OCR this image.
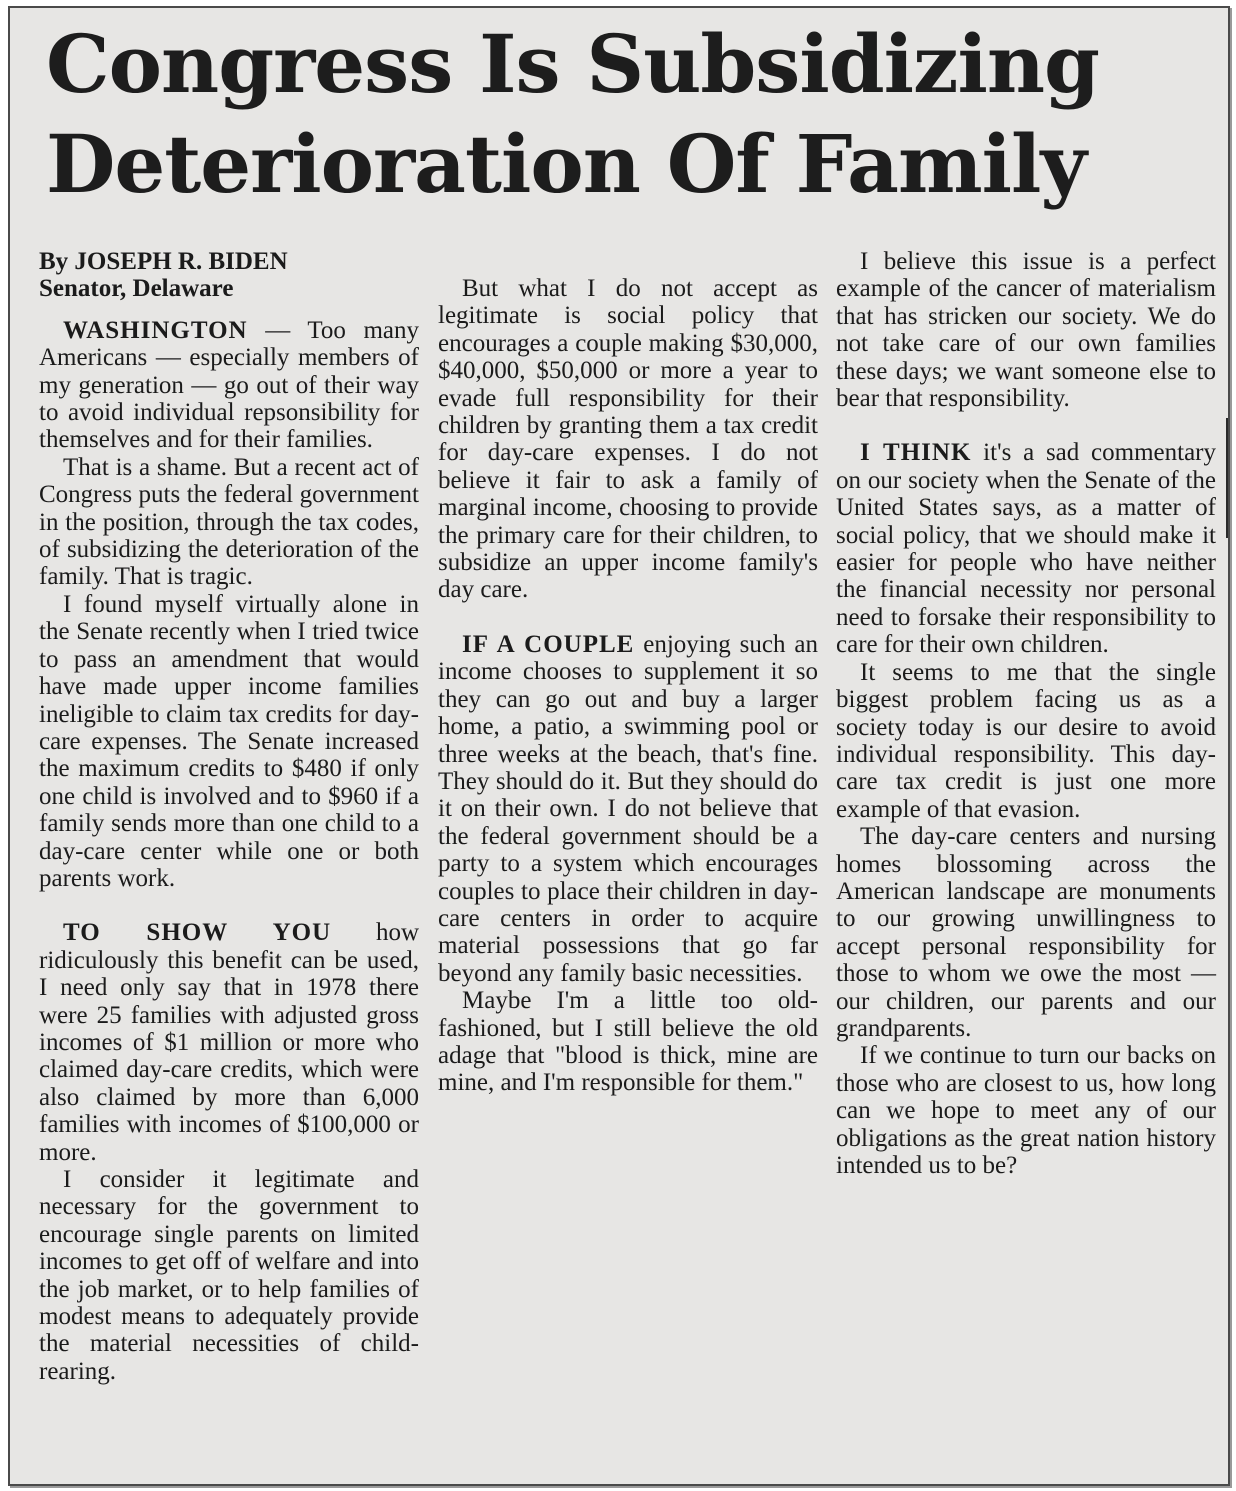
Congress Is Subsidizing
Deterioration Of Family

By JOSEPH R. BIDEN
Senator, Delaware

WASHINGTON — Too many Americans — especially members of my generation — go out of their way to avoid individual repsonsibility for themselves and for their families.

That is a shame. But a recent act of Congress puts the federal government in the position, through the tax codes, of subsidizing the deterioration of the family. That is tragic.

I found myself virtually alone in the Senate recently when I tried twice to pass an amendment that would have made upper income families ineligible to claim tax credits for day-care expenses. The Senate increased the maximum credits to $480 if only one child is involved and to $960 if a family sends more than one child to a day-care center while one or both parents work.

TO SHOW YOU how ridiculously this benefit can be used, I need only say that in 1978 there were 25 families with adjusted gross incomes of $1 million or more who claimed day-care credits, which were also claimed by more than 6,000 families with incomes of $100,000 or more.

I consider it legitimate and necessary for the government to encourage single parents on limited incomes to get off of welfare and into the job market, or to help families of modest means to adequately provide the material necessities of child-rearing.

But what I do not accept as legitimate is social policy that encourages a couple making $30,000, $40,000, $50,000 or more a year to evade full responsibility for their children by granting them a tax credit for day-care expenses. I do not believe it fair to ask a family of marginal income, choosing to provide the primary care for their children, to subsidize an upper income family's day care.

IF A COUPLE enjoying such an income chooses to supplement it so they can go out and buy a larger home, a patio, a swimming pool or three weeks at the beach, that's fine. They should do it. But they should do it on their own. I do not believe that the federal government should be a party to a system which encourages couples to place their children in day-care centers in order to acquire material possessions that go far beyond any family basic necessities.

Maybe I'm a little too old-fashioned, but I still believe the old adage that "blood is thick, mine are mine, and I'm responsible for them."

I believe this issue is a perfect example of the cancer of materialism that has stricken our society. We do not take care of our own families these days; we want someone else to bear that responsibility.

I THINK it's a sad commentary on our society when the Senate of the United States says, as a matter of social policy, that we should make it easier for people who have neither the financial necessity nor personal need to forsake their responsibility to care for their own children.

It seems to me that the single biggest problem facing us as a society today is our desire to avoid individual responsibility. This day-care tax credit is just one more example of that evasion.

The day-care centers and nursing homes blossoming across the American landscape are monuments to our growing unwillingness to accept personal responsibility for those to whom we owe the most — our children, our parents and our grandparents.

If we continue to turn our backs on those who are closest to us, how long can we hope to meet any of our obligations as the great nation history intended us to be?
